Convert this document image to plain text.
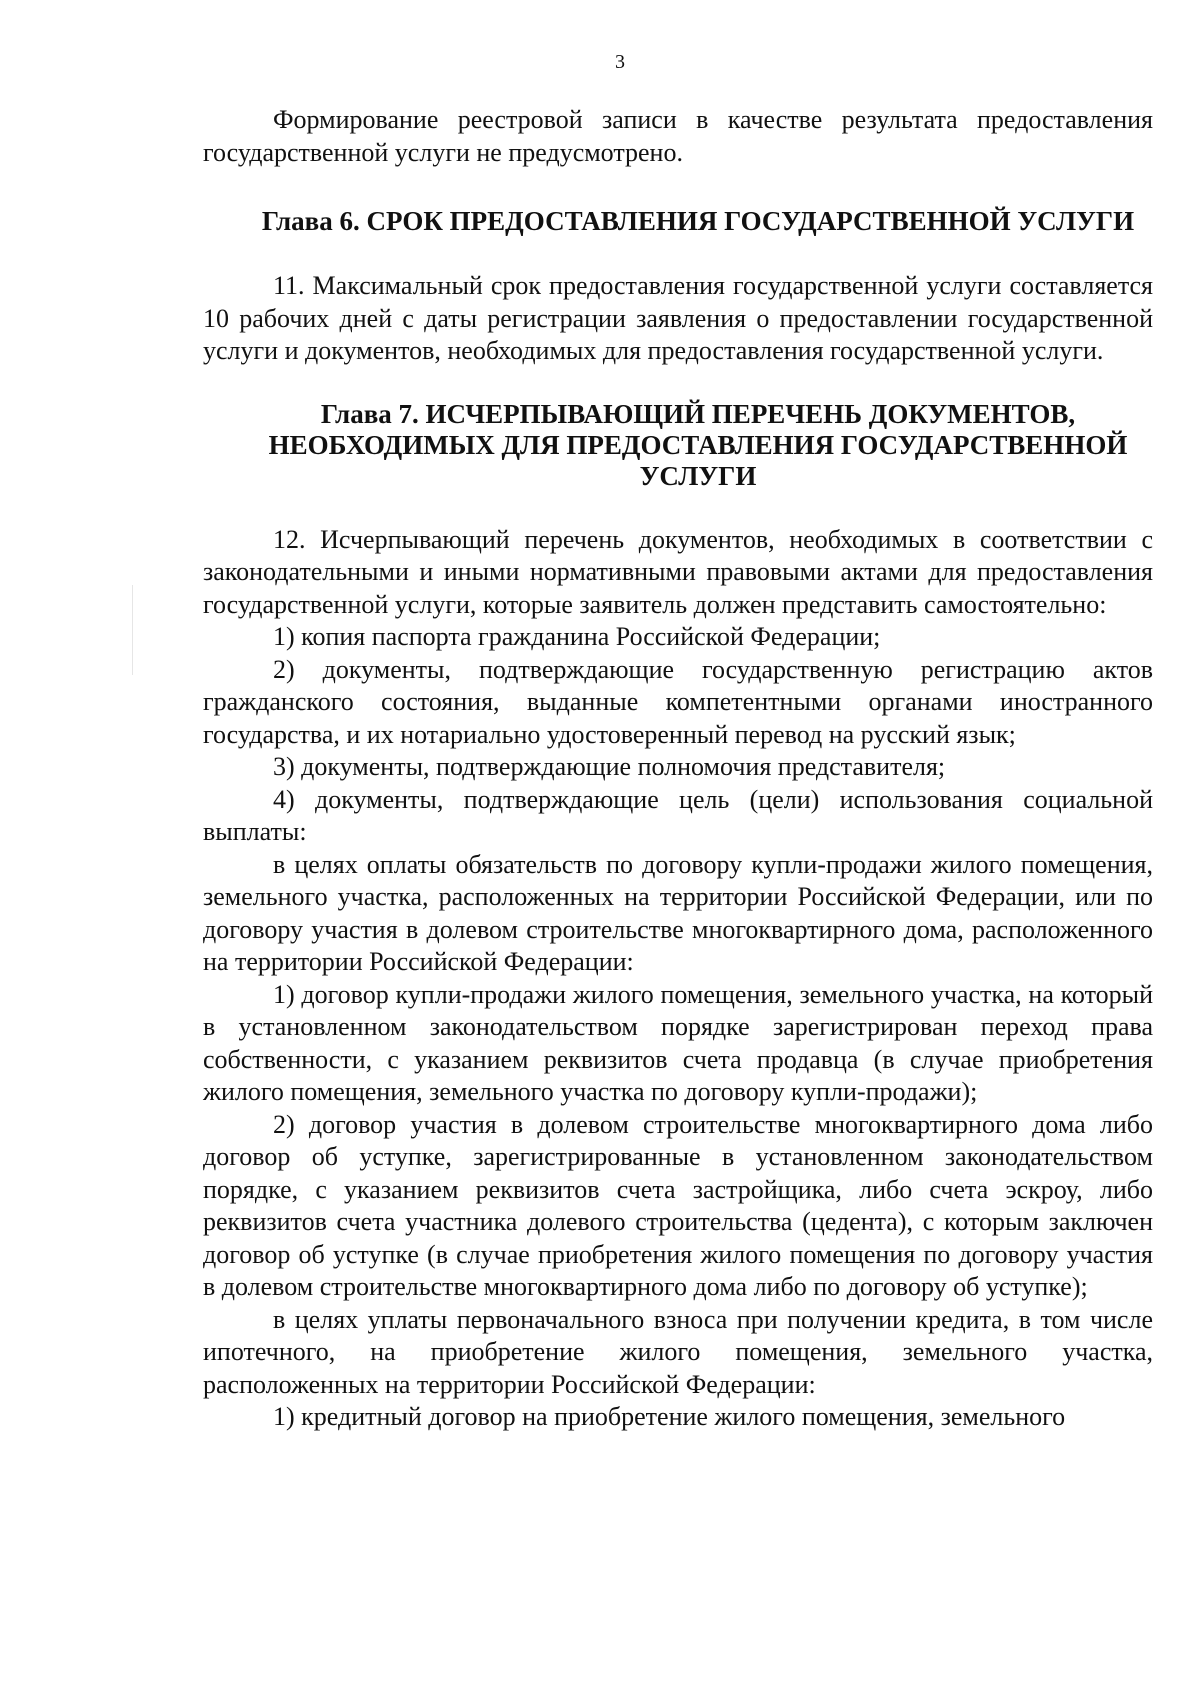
3

Формирование реестровой записи в качестве результата предоставления государственной услуги не предусмотрено.

Глава 6. СРОК ПРЕДОСТАВЛЕНИЯ ГОСУДАРСТВЕННОЙ УСЛУГИ

11. Максимальный срок предоставления государственной услуги составляется 10 рабочих дней с даты регистрации заявления о предоставлении государственной услуги и документов, необходимых для предоставления государственной услуги.

Глава 7. ИСЧЕРПЫВАЮЩИЙ ПЕРЕЧЕНЬ ДОКУМЕНТОВ,
НЕОБХОДИМЫХ ДЛЯ ПРЕДОСТАВЛЕНИЯ ГОСУДАРСТВЕННОЙ
УСЛУГИ

12. Исчерпывающий перечень документов, необходимых в соответствии с законодательными и иными нормативными правовыми актами для предоставления государственной услуги, которые заявитель должен представить самостоятельно:

1) копия паспорта гражданина Российской Федерации;

2) документы, подтверждающие государственную регистрацию актов гражданского состояния, выданные компетентными органами иностранного государства, и их нотариально удостоверенный перевод на русский язык;

3) документы, подтверждающие полномочия представителя;

4) документы, подтверждающие цель (цели) использования социальной выплаты:

в целях оплаты обязательств по договору купли-продажи жилого помещения, земельного участка, расположенных на территории Российской Федерации, или по договору участия в долевом строительстве многоквартирного дома, расположенного на территории Российской Федерации:

1) договор купли-продажи жилого помещения, земельного участка, на который в установленном законодательством порядке зарегистрирован переход права собственности, с указанием реквизитов счета продавца (в случае приобретения жилого помещения, земельного участка по договору купли-продажи);

2) договор участия в долевом строительстве многоквартирного дома либо договор об уступке, зарегистрированные в установленном законодательством порядке, с указанием реквизитов счета застройщика, либо счета эскроу, либо реквизитов счета участника долевого строительства (цедента), с которым заключен договор об уступке (в случае приобретения жилого помещения по договору участия в долевом строительстве многоквартирного дома либо по договору об уступке);

в целях уплаты первоначального взноса при получении кредита, в том числе ипотечного, на приобретение жилого помещения, земельного участка, расположенных на территории Российской Федерации:

1) кредитный договор на приобретение жилого помещения, земельного
